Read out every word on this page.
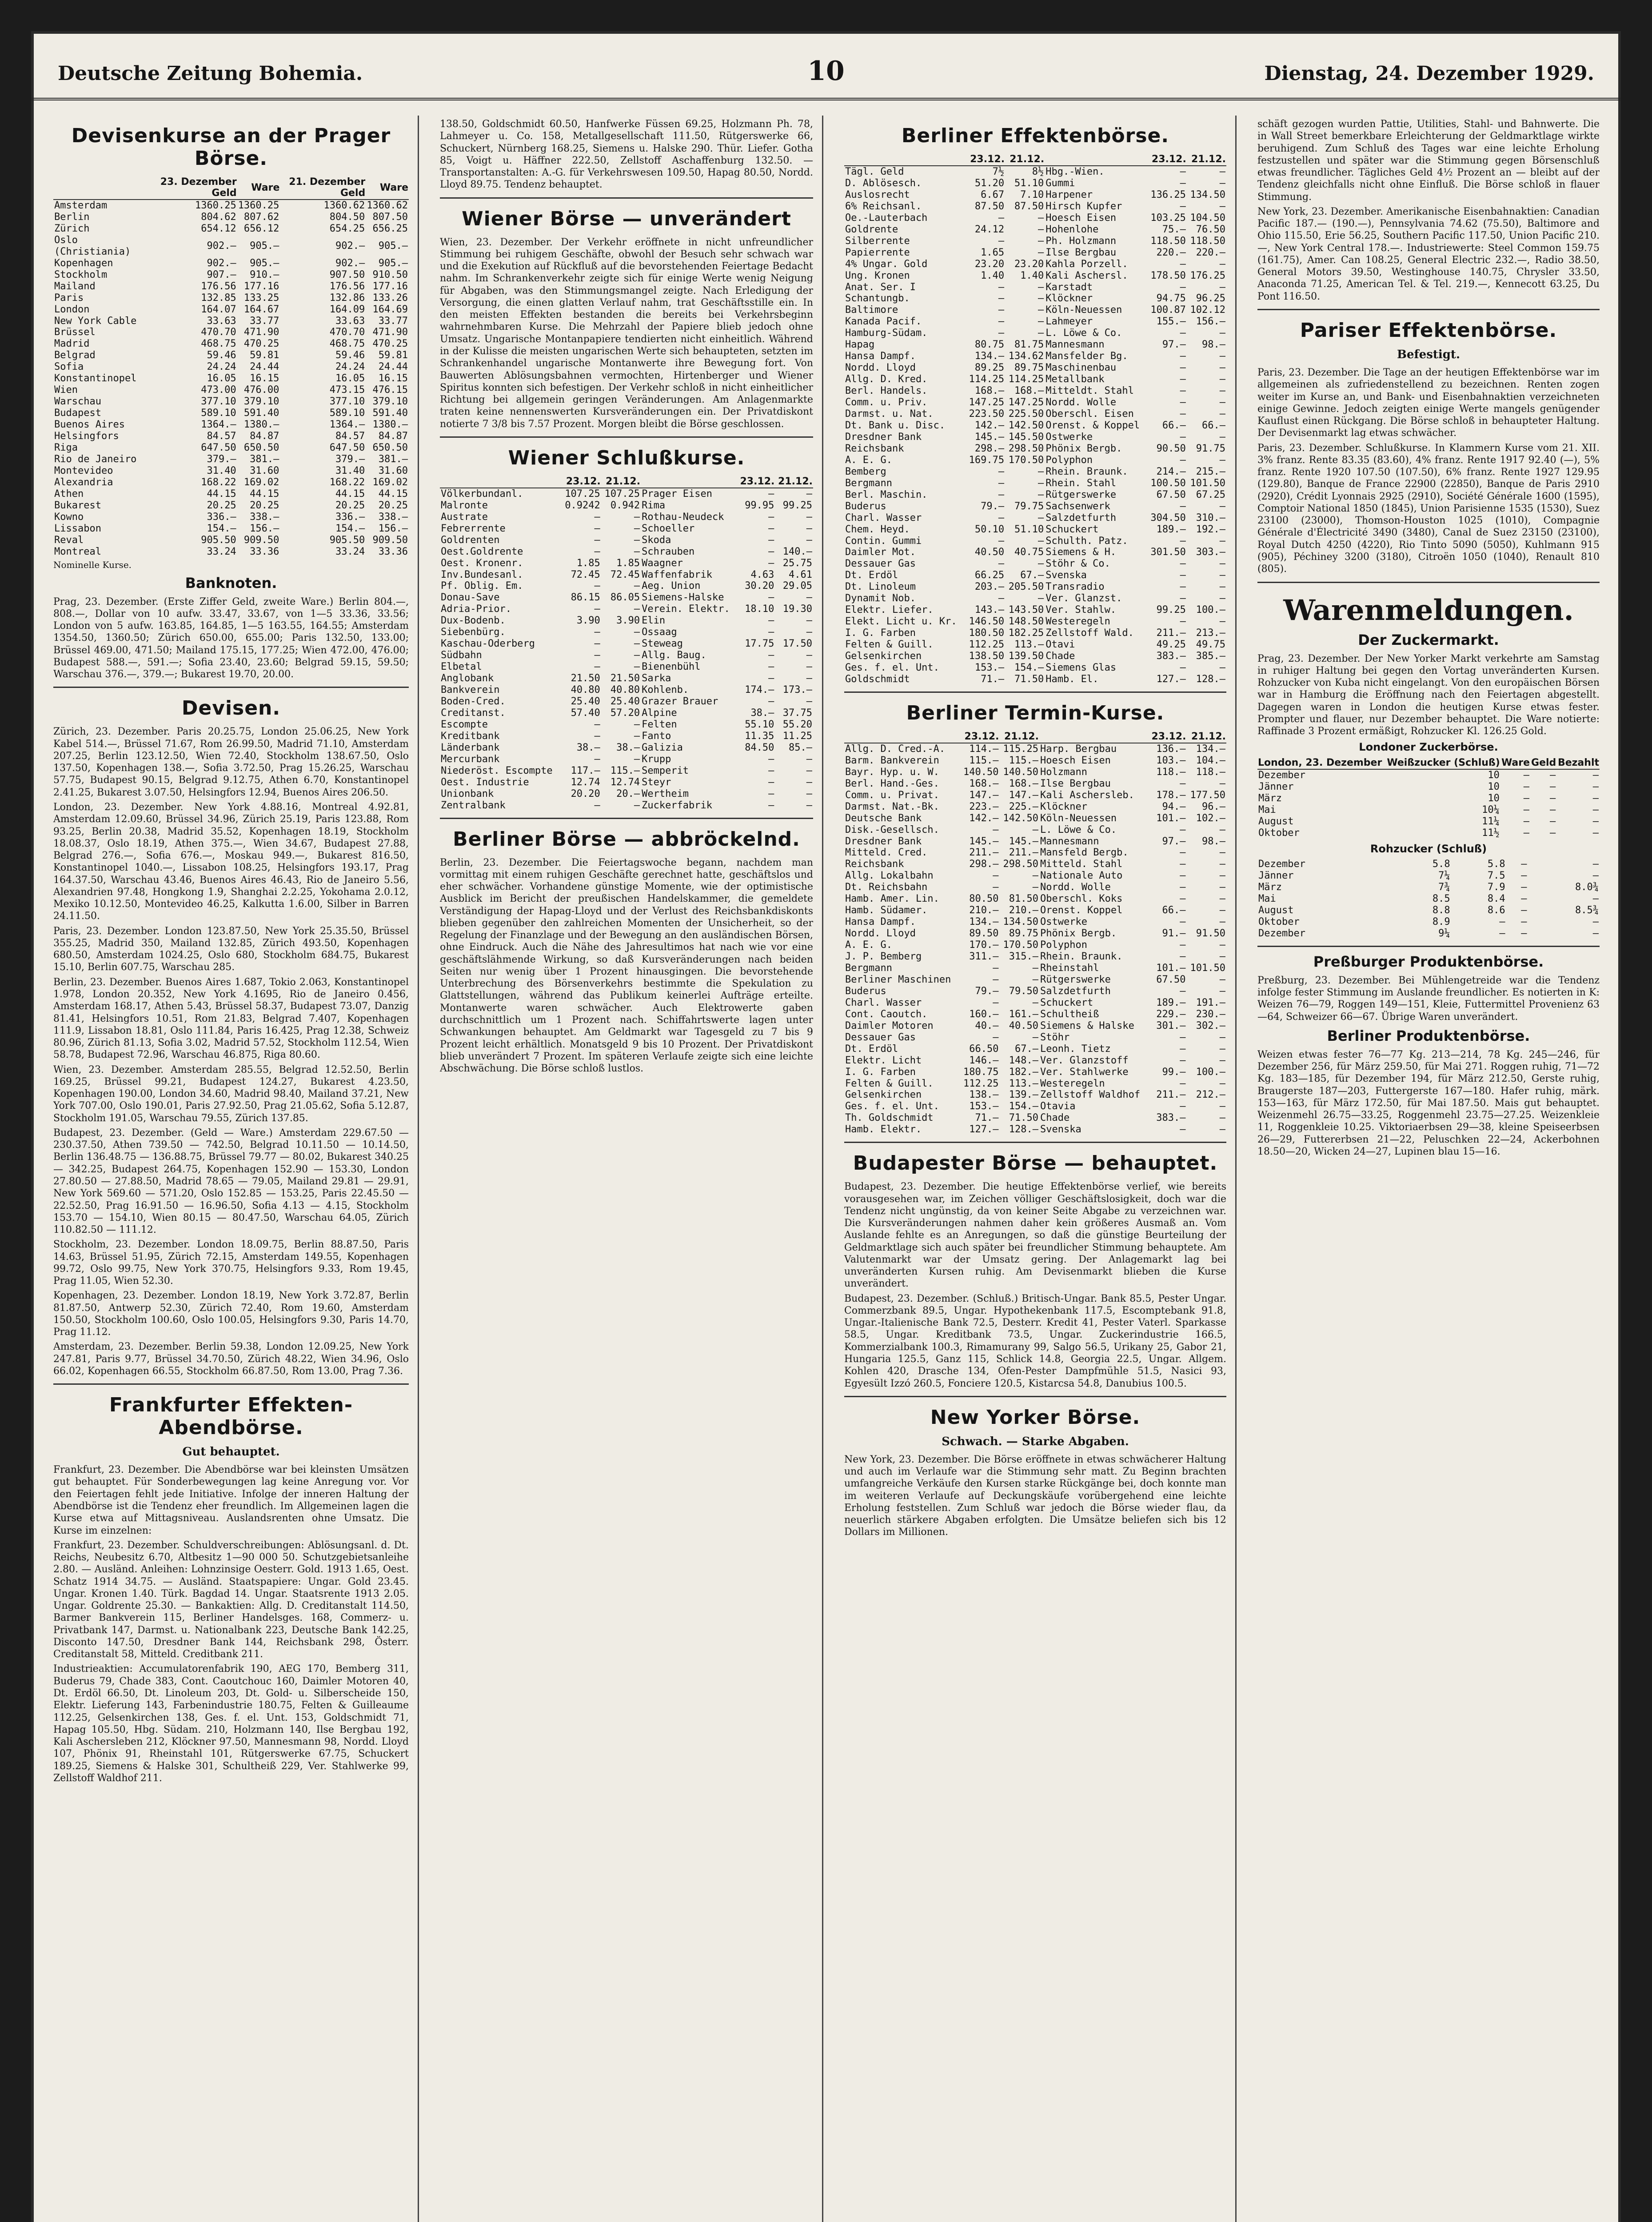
Deutsche Zeitung Bohemia.	10	Dienstag, 24. Dezember 1929.
Devisenkurse an der Prager Börse.
	23. Dezember Geld	Ware	21. Dezember Geld	Ware
Amsterdam	1360.25	1360.25	1360.62	1360.62
Berlin	804.62	807.62	804.50	807.50
Zürich	654.12	656.12	654.25	656.25
Oslo (Christiania)	902.—	905.—	902.—	905.—
Kopenhagen	902.—	905.—	902.—	905.—
Stockholm	907.—	910.—	907.50	910.50
Mailand	176.56	177.16	176.56	177.16
Paris	132.85	133.25	132.86	133.26
London	164.07	164.67	164.09	164.69
New York Cable	33.63	33.77	33.63	33.77
Brüssel	470.70	471.90	470.70	471.90
Madrid	468.75	470.25	468.75	470.25
Belgrad	59.46	59.81	59.46	59.81
Sofia	24.24	24.44	24.24	24.44
Konstantinopel	16.05	16.15	16.05	16.15
Wien	473.00	476.00	473.15	476.15
Warschau	377.10	379.10	377.10	379.10
Budapest	589.10	591.40	589.10	591.40
Buenos Aires	1364.—	1380.—	1364.—	1380.—
Helsingfors	84.57	84.87	84.57	84.87
Riga	647.50	650.50	647.50	650.50
Rio de Janeiro	379.—	381.—	379.—	381.—
Montevideo	31.40	31.60	31.40	31.60
Alexandria	168.22	169.02	168.22	169.02
Athen	44.15	44.15	44.15	44.15
Bukarest	20.25	20.25	20.25	20.25
Kowno	336.—	338.—	336.—	338.—
Lissabon	154.—	156.—	154.—	156.—
Reval	905.50	909.50	905.50	909.50
Montreal	33.24	33.36	33.24	33.36
Nominelle Kurse.
Banknoten.

Prag, 23. Dezember. (Erste Ziffer Geld, zweite Ware.) Berlin 804.—, 808.—, Dollar von 10 aufw. 33.47, 33.67, von 1—5 33.36, 33.56; London von 5 aufw. 163.85, 164.85, 1—5 163.55, 164.55; Amsterdam 1354.50, 1360.50; Zürich 650.00, 655.00; Paris 132.50, 133.00; Brüssel 469.00, 471.50; Mailand 175.15, 177.25; Wien 472.00, 476.00; Budapest 588.—, 591.—; Sofia 23.40, 23.60; Belgrad 59.15, 59.50; Warschau 376.—, 379.—; Bukarest 19.70, 20.00.

Devisen.

Zürich, 23. Dezember. Paris 20.25.75, London 25.06.25, New York Kabel 514.—, Brüssel 71.67, Rom 26.99.50, Madrid 71.10, Amsterdam 207.25, Berlin 123.12.50, Wien 72.40, Stockholm 138.67.50, Oslo 137.50, Kopenhagen 138.—, Sofia 3.72.50, Prag 15.26.25, Warschau 57.75, Budapest 90.15, Belgrad 9.12.75, Athen 6.70, Konstantinopel 2.41.25, Bukarest 3.07.50, Helsingfors 12.94, Buenos Aires 206.50.

London, 23. Dezember. New York 4.88.16, Montreal 4.92.81, Amsterdam 12.09.60, Brüssel 34.96, Zürich 25.19, Paris 123.88, Rom 93.25, Berlin 20.38, Madrid 35.52, Kopenhagen 18.19, Stockholm 18.08.37, Oslo 18.19, Athen 375.—, Wien 34.67, Budapest 27.88, Belgrad 276.—, Sofia 676.—, Moskau 949.—, Bukarest 816.50, Konstantinopel 1040.—, Lissabon 108.25, Helsingfors 193.17, Prag 164.37.50, Warschau 43.46, Buenos Aires 46.43, Rio de Janeiro 5.56, Alexandrien 97.48, Hongkong 1.9, Shanghai 2.2.25, Yokohama 2.0.12, Mexiko 10.12.50, Montevideo 46.25, Kalkutta 1.6.00, Silber in Barren 24.11.50.

Paris, 23. Dezember. London 123.87.50, New York 25.35.50, Brüssel 355.25, Madrid 350, Mailand 132.85, Zürich 493.50, Kopenhagen 680.50, Amsterdam 1024.25, Oslo 680, Stockholm 684.75, Bukarest 15.10, Berlin 607.75, Warschau 285.

Berlin, 23. Dezember. Buenos Aires 1.687, Tokio 2.063, Konstantinopel 1.978, London 20.352, New York 4.1695, Rio de Janeiro 0.456, Amsterdam 168.17, Athen 5.43, Brüssel 58.37, Budapest 73.07, Danzig 81.41, Helsingfors 10.51, Rom 21.83, Belgrad 7.407, Kopenhagen 111.9, Lissabon 18.81, Oslo 111.84, Paris 16.425, Prag 12.38, Schweiz 80.96, Zürich 81.13, Sofia 3.02, Madrid 57.52, Stockholm 112.54, Wien 58.78, Budapest 72.96, Warschau 46.875, Riga 80.60.

Wien, 23. Dezember. Amsterdam 285.55, Belgrad 12.52.50, Berlin 169.25, Brüssel 99.21, Budapest 124.27, Bukarest 4.23.50, Kopenhagen 190.00, London 34.60, Madrid 98.40, Mailand 37.21, New York 707.00, Oslo 190.01, Paris 27.92.50, Prag 21.05.62, Sofia 5.12.87, Stockholm 191.05, Warschau 79.55, Zürich 137.85.

Budapest, 23. Dezember. (Geld — Ware.) Amsterdam 229.67.50 — 230.37.50, Athen 739.50 — 742.50, Belgrad 10.11.50 — 10.14.50, Berlin 136.48.75 — 136.88.75, Brüssel 79.77 — 80.02, Bukarest 340.25 — 342.25, Budapest 264.75, Kopenhagen 152.90 — 153.30, London 27.80.50 — 27.88.50, Madrid 78.65 — 79.05, Mailand 29.81 — 29.91, New York 569.60 — 571.20, Oslo 152.85 — 153.25, Paris 22.45.50 — 22.52.50, Prag 16.91.50 — 16.96.50, Sofia 4.13 — 4.15, Stockholm 153.70 — 154.10, Wien 80.15 — 80.47.50, Warschau 64.05, Zürich 110.82.50 — 111.12.

Stockholm, 23. Dezember. London 18.09.75, Berlin 88.87.50, Paris 14.63, Brüssel 51.95, Zürich 72.15, Amsterdam 149.55, Kopenhagen 99.72, Oslo 99.75, New York 370.75, Helsingfors 9.33, Rom 19.45, Prag 11.05, Wien 52.30.

Kopenhagen, 23. Dezember. London 18.19, New York 3.72.87, Berlin 81.87.50, Antwerp 52.30, Zürich 72.40, Rom 19.60, Amsterdam 150.50, Stockholm 100.60, Oslo 100.05, Helsingfors 9.30, Paris 14.70, Prag 11.12.

Amsterdam, 23. Dezember. Berlin 59.38, London 12.09.25, New York 247.81, Paris 9.77, Brüssel 34.70.50, Zürich 48.22, Wien 34.96, Oslo 66.02, Kopenhagen 66.55, Stockholm 66.87.50, Rom 13.00, Prag 7.36.

Frankfurter Effekten-Abendbörse.
Gut behauptet.

Frankfurt, 23. Dezember. Die Abendbörse war bei kleinsten Umsätzen gut behauptet. Für Sonderbewegungen lag keine Anregung vor. Vor den Feiertagen fehlt jede Initiative. Infolge der inneren Haltung der Abendbörse ist die Tendenz eher freundlich. Im Allgemeinen lagen die Kurse etwa auf Mittagsniveau. Auslandsrenten ohne Umsatz. Die Kurse im einzelnen:

Frankfurt, 23. Dezember. Schuldverschreibungen: Ablösungsanl. d. Dt. Reichs, Neubesitz 6.70, Altbesitz 1—90 000 50. Schutzgebietsanleihe 2.80. — Ausländ. Anleihen: Lohnzinsige Oesterr. Gold. 1913 1.65, Oest. Schatz 1914 34.75. — Ausländ. Staatspapiere: Ungar. Gold 23.45. Ungar. Kronen 1.40. Türk. Bagdad 14. Ungar. Staatsrente 1913 2.05. Ungar. Goldrente 25.30. — Bankaktien: Allg. D. Creditanstalt 114.50, Barmer Bankverein 115, Berliner Handelsges. 168, Commerz- u. Privatbank 147, Darmst. u. Nationalbank 223, Deutsche Bank 142.25, Disconto 147.50, Dresdner Bank 144, Reichsbank 298, Österr. Creditanstalt 58, Mitteld. Creditbank 211.

Industrieaktien: Accumulatorenfabrik 190, AEG 170, Bemberg 311, Buderus 79, Chade 383, Cont. Caoutchouc 160, Daimler Motoren 40, Dt. Erdöl 66.50, Dt. Linoleum 203, Dt. Gold- u. Silberscheide 150, Elektr. Lieferung 143, Farbenindustrie 180.75, Felten & Guilleaume 112.25, Gelsenkirchen 138, Ges. f. el. Unt. 153, Goldschmidt 71, Hapag 105.50, Hbg. Südam. 210, Holzmann 140, Ilse Bergbau 192, Kali Aschersleben 212, Klöckner 97.50, Mannesmann 98, Nordd. Lloyd 107, Phönix 91, Rheinstahl 101, Rütgerswerke 67.75, Schuckert 189.25, Siemens & Halske 301, Schultheiß 229, Ver. Stahlwerke 99, Zellstoff Waldhof 211.

138.50, Goldschmidt 60.50, Hanfwerke Füssen 69.25, Holzmann Ph. 78, Lahmeyer u. Co. 158, Metallgesellschaft 111.50, Rütgerswerke 66, Schuckert, Nürnberg 168.25, Siemens u. Halske 290. Thür. Liefer. Gotha 85, Voigt u. Häffner 222.50, Zellstoff Aschaffenburg 132.50. — Transportanstalten: A.-G. für Verkehrswesen 109.50, Hapag 80.50, Nordd. Lloyd 89.75. Tendenz behauptet.

Wiener Börse — unverändert

Wien, 23. Dezember. Der Verkehr eröffnete in nicht unfreundlicher Stimmung bei ruhigem Geschäfte, obwohl der Besuch sehr schwach war und die Exekution auf Rückfluß auf die bevorstehenden Feiertage Bedacht nahm. Im Schrankenverkehr zeigte sich für einige Werte wenig Neigung für Abgaben, was den Stimmungsmangel zeigte. Nach Erledigung der Versorgung, die einen glatten Verlauf nahm, trat Geschäftsstille ein. In den meisten Effekten bestanden die bereits bei Verkehrsbeginn wahrnehmbaren Kurse. Die Mehrzahl der Papiere blieb jedoch ohne Umsatz. Ungarische Montanpapiere tendierten nicht einheitlich. Während in der Kulisse die meisten ungarischen Werte sich behaupteten, setzten im Schrankenhandel ungarische Montanwerte ihre Bewegung fort. Von Bauwerten Ablösungsbahnen vermochten, Hirtenberger und Wiener Spiritus konnten sich befestigen. Der Verkehr schloß in nicht einheitlicher Richtung bei allgemein geringen Veränderungen. Am Anlagenmarkte traten keine nennenswerten Kursveränderungen ein. Der Privatdiskont notierte 7 3/8 bis 7.57 Prozent. Morgen bleibt die Börse geschlossen.

Wiener Schlußkurse.
	23.12.	21.12.		23.12.	21.12.
Völkerbundanl.	107.25	107.25	Prager Eisen	—	—
Malronte	0.9242	0.942	Rima	99.95	99.25
Austrate	—	—	Rothau-Neudeck	—	—
Febrerrente	—	—	Schoeller	—	—
Goldrenten	—	—	Skoda	—	—
Oest.Goldrente	—	—	Schrauben	—	140.—
Oest. Kronenr.	1.85	1.85	Waagner	—	25.75
Inv.Bundesanl.	72.45	72.45	Waffenfabrik	4.63	4.61
Pf. Oblig. Em.	—	—	Aeg. Union	30.20	29.05
Donau-Save	86.15	86.05	Siemens-Halske	—	—
Adria-Prior.	—	—	Verein. Elektr.	18.10	19.30
Dux-Bodenb.	3.90	3.90	Elin	—	—
Siebenbürg.	—	—	Ossaag	—	—
Kaschau-Oderberg	—	—	Steweag	17.75	17.50
Südbahn	—	—	Allg. Baug.	—	—
Elbetal	—	—	Bienenbühl	—	—
Anglobank	21.50	21.50	Sarka	—	—
Bankverein	40.80	40.80	Kohlenb.	174.—	173.—
Boden-Cred.	25.40	25.40	Grazer Brauer	—	—
Creditanst.	57.40	57.20	Alpine	38.—	37.75
Escompte	—	—	Felten	55.10	55.20
Kreditbank	—	—	Fanto	11.35	11.25
Länderbank	38.—	38.—	Galizia	84.50	85.—
Mercurbank	—	—	Krupp	—	—
Niederöst. Escompte	117.—	115.—	Semperit	—	—
Oest. Industrie	12.74	12.74	Steyr	—	—
Unionbank	20.20	20.—	Wertheim	—	—
Zentralbank	—	—	Zuckerfabrik	—	—
Berliner Börse — abbröckelnd.

Berlin, 23. Dezember. Die Feiertagswoche begann, nachdem man vormittag mit einem ruhigen Geschäfte gerechnet hatte, geschäftslos und eher schwächer. Vorhandene günstige Momente, wie der optimistische Ausblick im Bericht der preußischen Handelskammer, die gemeldete Verständigung der Hapag-Lloyd und der Verlust des Reichsbankdiskonts blieben gegenüber den zahlreichen Momenten der Unsicherheit, so der Regelung der Finanzlage und der Bewegung an den ausländischen Börsen, ohne Eindruck. Auch die Nähe des Jahresultimos hat nach wie vor eine geschäftslähmende Wirkung, so daß Kursveränderungen nach beiden Seiten nur wenig über 1 Prozent hinausgingen. Die bevorstehende Unterbrechung des Börsenverkehrs bestimmte die Spekulation zu Glattstellungen, während das Publikum keinerlei Aufträge erteilte. Montanwerte waren schwächer. Auch Elektrowerte gaben durchschnittlich um 1 Prozent nach. Schiffahrtswerte lagen unter Schwankungen behauptet. Am Geldmarkt war Tagesgeld zu 7 bis 9 Prozent leicht erhältlich. Monatsgeld 9 bis 10 Prozent. Der Privatdiskont blieb unverändert 7 Prozent. Im späteren Verlaufe zeigte sich eine leichte Abschwächung. Die Börse schloß lustlos.

Berliner Effektenbörse.
	23.12.	21.12.		23.12.	21.12.
Tägl. Geld	7½	8½	Hbg.-Wien.	—	—
D. Ablösesch.	51.20	51.10	Gummi	—	—
Auslosrecht	6.67	7.10	Harpener	136.25	134.50
6% Reichsanl.	87.50	87.50	Hirsch Kupfer	—	—
Oe.-Lauterbach	—	—	Hoesch Eisen	103.25	104.50
Goldrente	24.12	—	Hohenlohe	75.—	76.50
Silberrente	—	—	Ph. Holzmann	118.50	118.50
Papierrente	1.65	—	Ilse Bergbau	220.—	220.—
4% Ungar. Gold	23.20	23.20	Kahla Porzell.	—	—
Ung. Kronen	1.40	1.40	Kali Aschersl.	178.50	176.25
Anat. Ser. I	—	—	Karstadt	—	—
Schantungb.	—	—	Klöckner	94.75	96.25
Baltimore	—	—	Köln-Neuessen	100.87	102.12
Kanada Pacif.	—	—	Lahmeyer	155.—	156.—
Hamburg-Südam.	—	—	L. Löwe & Co.	—	—
Hapag	80.75	81.75	Mannesmann	97.—	98.—
Hansa Dampf.	134.—	134.62	Mansfelder Bg.	—	—
Nordd. Lloyd	89.25	89.75	Maschinenbau	—	—
Allg. D. Kred.	114.25	114.25	Metallbank	—	—
Berl. Handels.	168.—	168.—	Mitteldt. Stahl	—	—
Comm. u. Priv.	147.25	147.25	Nordd. Wolle	—	—
Darmst. u. Nat.	223.50	225.50	Oberschl. Eisen	—	—
Dt. Bank u. Disc.	142.—	142.50	Orenst. & Koppel	66.—	66.—
Dresdner Bank	145.—	145.50	Ostwerke	—	—
Reichsbank	298.—	298.50	Phönix Bergb.	90.50	91.75
A. E. G.	169.75	170.50	Polyphon	—	—
Bemberg	—	—	Rhein. Braunk.	214.—	215.—
Bergmann	—	—	Rhein. Stahl	100.50	101.50
Berl. Maschin.	—	—	Rütgerswerke	67.50	67.25
Buderus	79.—	79.75	Sachsenwerk	—	—
Charl. Wasser	—	—	Salzdetfurth	304.50	310.—
Chem. Heyd.	50.10	51.10	Schuckert	189.—	192.—
Contin. Gummi	—	—	Schulth. Patz.	—	—
Daimler Mot.	40.50	40.75	Siemens & H.	301.50	303.—
Dessauer Gas	—	—	Stöhr & Co.	—	—
Dt. Erdöl	66.25	67.—	Svenska	—	—
Dt. Linoleum	203.—	205.50	Transradio	—	—
Dynamit Nob.	—	—	Ver. Glanzst.	—	—
Elektr. Liefer.	143.—	143.50	Ver. Stahlw.	99.25	100.—
Elekt. Licht u. Kr.	146.50	148.50	Westeregeln	—	—
I. G. Farben	180.50	182.25	Zellstoff Wald.	211.—	213.—
Felten & Guill.	112.25	113.—	Otavi	49.25	49.75
Gelsenkirchen	138.50	139.50	Chade	383.—	385.—
Ges. f. el. Unt.	153.—	154.—	Siemens Glas	—	—
Goldschmidt	71.—	71.50	Hamb. El.	127.—	128.—
Berliner Termin-Kurse.
	23.12.	21.12.		23.12.	21.12.
Allg. D. Cred.-A.	114.—	115.25	Harp. Bergbau	136.—	134.—
Barm. Bankverein	115.—	115.—	Hoesch Eisen	103.—	104.—
Bayr. Hyp. u. W.	140.50	140.50	Holzmann	118.—	118.—
Berl. Hand.-Ges.	168.—	168.—	Ilse Bergbau	—	—
Comm. u. Privat.	147.—	147.—	Kali Aschersleb.	178.—	177.50
Darmst. Nat.-Bk.	223.—	225.—	Klöckner	94.—	96.—
Deutsche Bank	142.—	142.50	Köln-Neuessen	101.—	102.—
Disk.-Gesellsch.	—	—	L. Löwe & Co.	—	—
Dresdner Bank	145.—	145.—	Mannesmann	97.—	98.—
Mitteld. Cred.	211.—	211.—	Mansfeld Bergb.	—	—
Reichsbank	298.—	298.50	Mitteld. Stahl	—	—
Allg. Lokalbahn	—	—	Nationale Auto	—	—
Dt. Reichsbahn	—	—	Nordd. Wolle	—	—
Hamb. Amer. Lin.	80.50	81.50	Oberschl. Koks	—	—
Hamb. Südamer.	210.—	210.—	Orenst. Koppel	66.—	—
Hansa Dampf.	134.—	134.50	Ostwerke	—	—
Nordd. Lloyd	89.50	89.75	Phönix Bergb.	91.—	91.50
A. E. G.	170.—	170.50	Polyphon	—	—
J. P. Bemberg	311.—	315.—	Rhein. Braunk.	—	—
Bergmann	—	—	Rheinstahl	101.—	101.50
Berliner Maschinen	—	—	Rütgerswerke	67.50	—
Buderus	79.—	79.50	Salzdetfurth	—	—
Charl. Wasser	—	—	Schuckert	189.—	191.—
Cont. Caoutch.	160.—	161.—	Schultheiß	229.—	230.—
Daimler Motoren	40.—	40.50	Siemens & Halske	301.—	302.—
Dessauer Gas	—	—	Stöhr	—	—
Dt. Erdöl	66.50	67.—	Leonh. Tietz	—	—
Elektr. Licht	146.—	148.—	Ver. Glanzstoff	—	—
I. G. Farben	180.75	182.—	Ver. Stahlwerke	99.—	100.—
Felten & Guill.	112.25	113.—	Westeregeln	—	—
Gelsenkirchen	138.—	139.—	Zellstoff Waldhof	211.—	212.—
Ges. f. el. Unt.	153.—	154.—	Otavia	—	—
Th. Goldschmidt	71.—	71.50	Chade	383.—	—
Hamb. Elektr.	127.—	128.—	Svenska	—	—
Budapester Börse — behauptet.

Budapest, 23. Dezember. Die heutige Effektenbörse verlief, wie bereits vorausgesehen war, im Zeichen völliger Geschäftslosigkeit, doch war die Tendenz nicht ungünstig, da von keiner Seite Abgabe zu verzeichnen war. Die Kursveränderungen nahmen daher kein größeres Ausmaß an. Vom Auslande fehlte es an Anregungen, so daß die günstige Beurteilung der Geldmarktlage sich auch später bei freundlicher Stimmung behauptete. Am Valutenmarkt war der Umsatz gering. Der Anlagemarkt lag bei unveränderten Kursen ruhig. Am Devisenmarkt blieben die Kurse unverändert.

Budapest, 23. Dezember. (Schluß.) Britisch-Ungar. Bank 85.5, Pester Ungar. Commerzbank 89.5, Ungar. Hypothekenbank 117.5, Escomptebank 91.8, Ungar.-Italienische Bank 72.5, Desterr. Kredit 41, Pester Vaterl. Sparkasse 58.5, Ungar. Kreditbank 73.5, Ungar. Zuckerindustrie 166.5, Kommerzialbank 100.3, Rimamurany 99, Salgo 56.5, Urikany 25, Gabor 21, Hungaria 125.5, Ganz 115, Schlick 14.8, Georgia 22.5, Ungar. Allgem. Kohlen 420, Drasche 134, Ofen-Pester Dampfmühle 51.5, Nasici 93, Egyesült Izzó 260.5, Fonciere 120.5, Kistarcsa 54.8, Danubius 100.5.

New Yorker Börse.
Schwach. — Starke Abgaben.

New York, 23. Dezember. Die Börse eröffnete in etwas schwächerer Haltung und auch im Verlaufe war die Stimmung sehr matt. Zu Beginn brachten umfangreiche Verkäufe den Kursen starke Rückgänge bei, doch konnte man im weiteren Verlaufe auf Deckungskäufe vorübergehend eine leichte Erholung feststellen. Zum Schluß war jedoch die Börse wieder flau, da neuerlich stärkere Abgaben erfolgten. Die Umsätze beliefen sich bis 12 Dollars im Millionen.

schäft gezogen wurden Pattie, Utilities, Stahl- und Bahnwerte. Die in Wall Street bemerkbare Erleichterung der Geldmarktlage wirkte beruhigend. Zum Schluß des Tages war eine leichte Erholung festzustellen und später war die Stimmung gegen Börsenschluß etwas freundlicher. Tägliches Geld 4½ Prozent an — bleibt auf der Tendenz gleichfalls nicht ohne Einfluß. Die Börse schloß in flauer Stimmung.

New York, 23. Dezember. Amerikanische Eisenbahnaktien: Canadian Pacific 187.— (190.—), Pennsylvania 74.62 (75.50), Baltimore and Ohio 115.50, Erie 56.25, Southern Pacific 117.50, Union Pacific 210.—, New York Central 178.—. Industriewerte: Steel Common 159.75 (161.75), Amer. Can 108.25, General Electric 232.—, Radio 38.50, General Motors 39.50, Westinghouse 140.75, Chrysler 33.50, Anaconda 71.25, American Tel. & Tel. 219.—, Kennecott 63.25, Du Pont 116.50.

Pariser Effektenbörse.
Befestigt.

Paris, 23. Dezember. Die Tage an der heutigen Effektenbörse war im allgemeinen als zufriedenstellend zu bezeichnen. Renten zogen weiter im Kurse an, und Bank- und Eisenbahnaktien verzeichneten einige Gewinne. Jedoch zeigten einige Werte mangels genügender Kauflust einen Rückgang. Die Börse schloß in behaupteter Haltung. Der Devisenmarkt lag etwas schwächer.

Paris, 23. Dezember. Schlußkurse. In Klammern Kurse vom 21. XII. 3% franz. Rente 83.35 (83.60), 4% franz. Rente 1917 92.40 (—), 5% franz. Rente 1920 107.50 (107.50), 6% franz. Rente 1927 129.95 (129.80), Banque de France 22900 (22850), Banque de Paris 2910 (2920), Crédit Lyonnais 2925 (2910), Société Générale 1600 (1595), Comptoir National 1850 (1845), Union Parisienne 1535 (1530), Suez 23100 (23000), Thomson-Houston 1025 (1010), Compagnie Générale d'Électricité 3490 (3480), Canal de Suez 23150 (23100), Royal Dutch 4250 (4220), Rio Tinto 5090 (5050), Kuhlmann 915 (905), Péchiney 3200 (3180), Citroën 1050 (1040), Renault 810 (805).

Warenmeldungen.
Der Zuckermarkt.

Prag, 23. Dezember. Der New Yorker Markt verkehrte am Samstag in ruhiger Haltung bei gegen den Vortag unveränderten Kursen. Rohzucker von Kuba nicht eingelangt. Von den europäischen Börsen war in Hamburg die Eröffnung nach den Feiertagen abgestellt. Dagegen waren in London die heutigen Kurse etwas fester. Prompter und flauer, nur Dezember behauptet. Die Ware notierte: Raffinade 3 Prozent ermäßigt, Rohzucker Kl. 126.25 Gold.

Londoner Zuckerbörse.
London, 23. Dezember	Weißzucker (Schluß)	Ware	Geld	Bezahlt
Dezember	10	—	—	—
Jänner	10	—	—	—
März	10	—	—	—
Mai	10¼	—	—	—
August	11¼	—	—	—
Oktober	11½	—	—	—
Rohzucker (Schluß)
Dezember	5.8	5.8	—	—
Jänner	7¼	7.5	—	—
März	7¾	7.9	—	8.0¾
Mai	8.5	8.4	—	—
August	8.8	8.6	—	8.5¾
Oktober	8.9	—	—	—
Dezember	9¼	—	—	—
Preßburger Produktenbörse.

Preßburg, 23. Dezember. Bei Mühlengetreide war die Tendenz infolge fester Stimmung im Auslande freundlicher. Es notierten in K: Weizen 76—79, Roggen 149—151, Kleie, Futtermittel Provenienz 63—64, Schweizer 66—67. Übrige Waren unverändert.

Berliner Produktenbörse.

Weizen etwas fester 76—77 Kg. 213—214, 78 Kg. 245—246, für Dezember 256, für März 259.50, für Mai 271. Roggen ruhig, 71—72 Kg. 183—185, für Dezember 194, für März 212.50, Gerste ruhig, Braugerste 187—203, Futtergerste 167—180. Hafer ruhig, märk. 153—163, für März 172.50, für Mai 187.50. Mais gut behauptet. Weizenmehl 26.75—33.25, Roggenmehl 23.75—27.25. Weizenkleie 11, Roggenkleie 10.25. Viktoriaerbsen 29—38, kleine Speiseerbsen 26—29, Futtererbsen 21—22, Peluschken 22—24, Ackerbohnen 18.50—20, Wicken 24—27, Lupinen blau 15—16.
